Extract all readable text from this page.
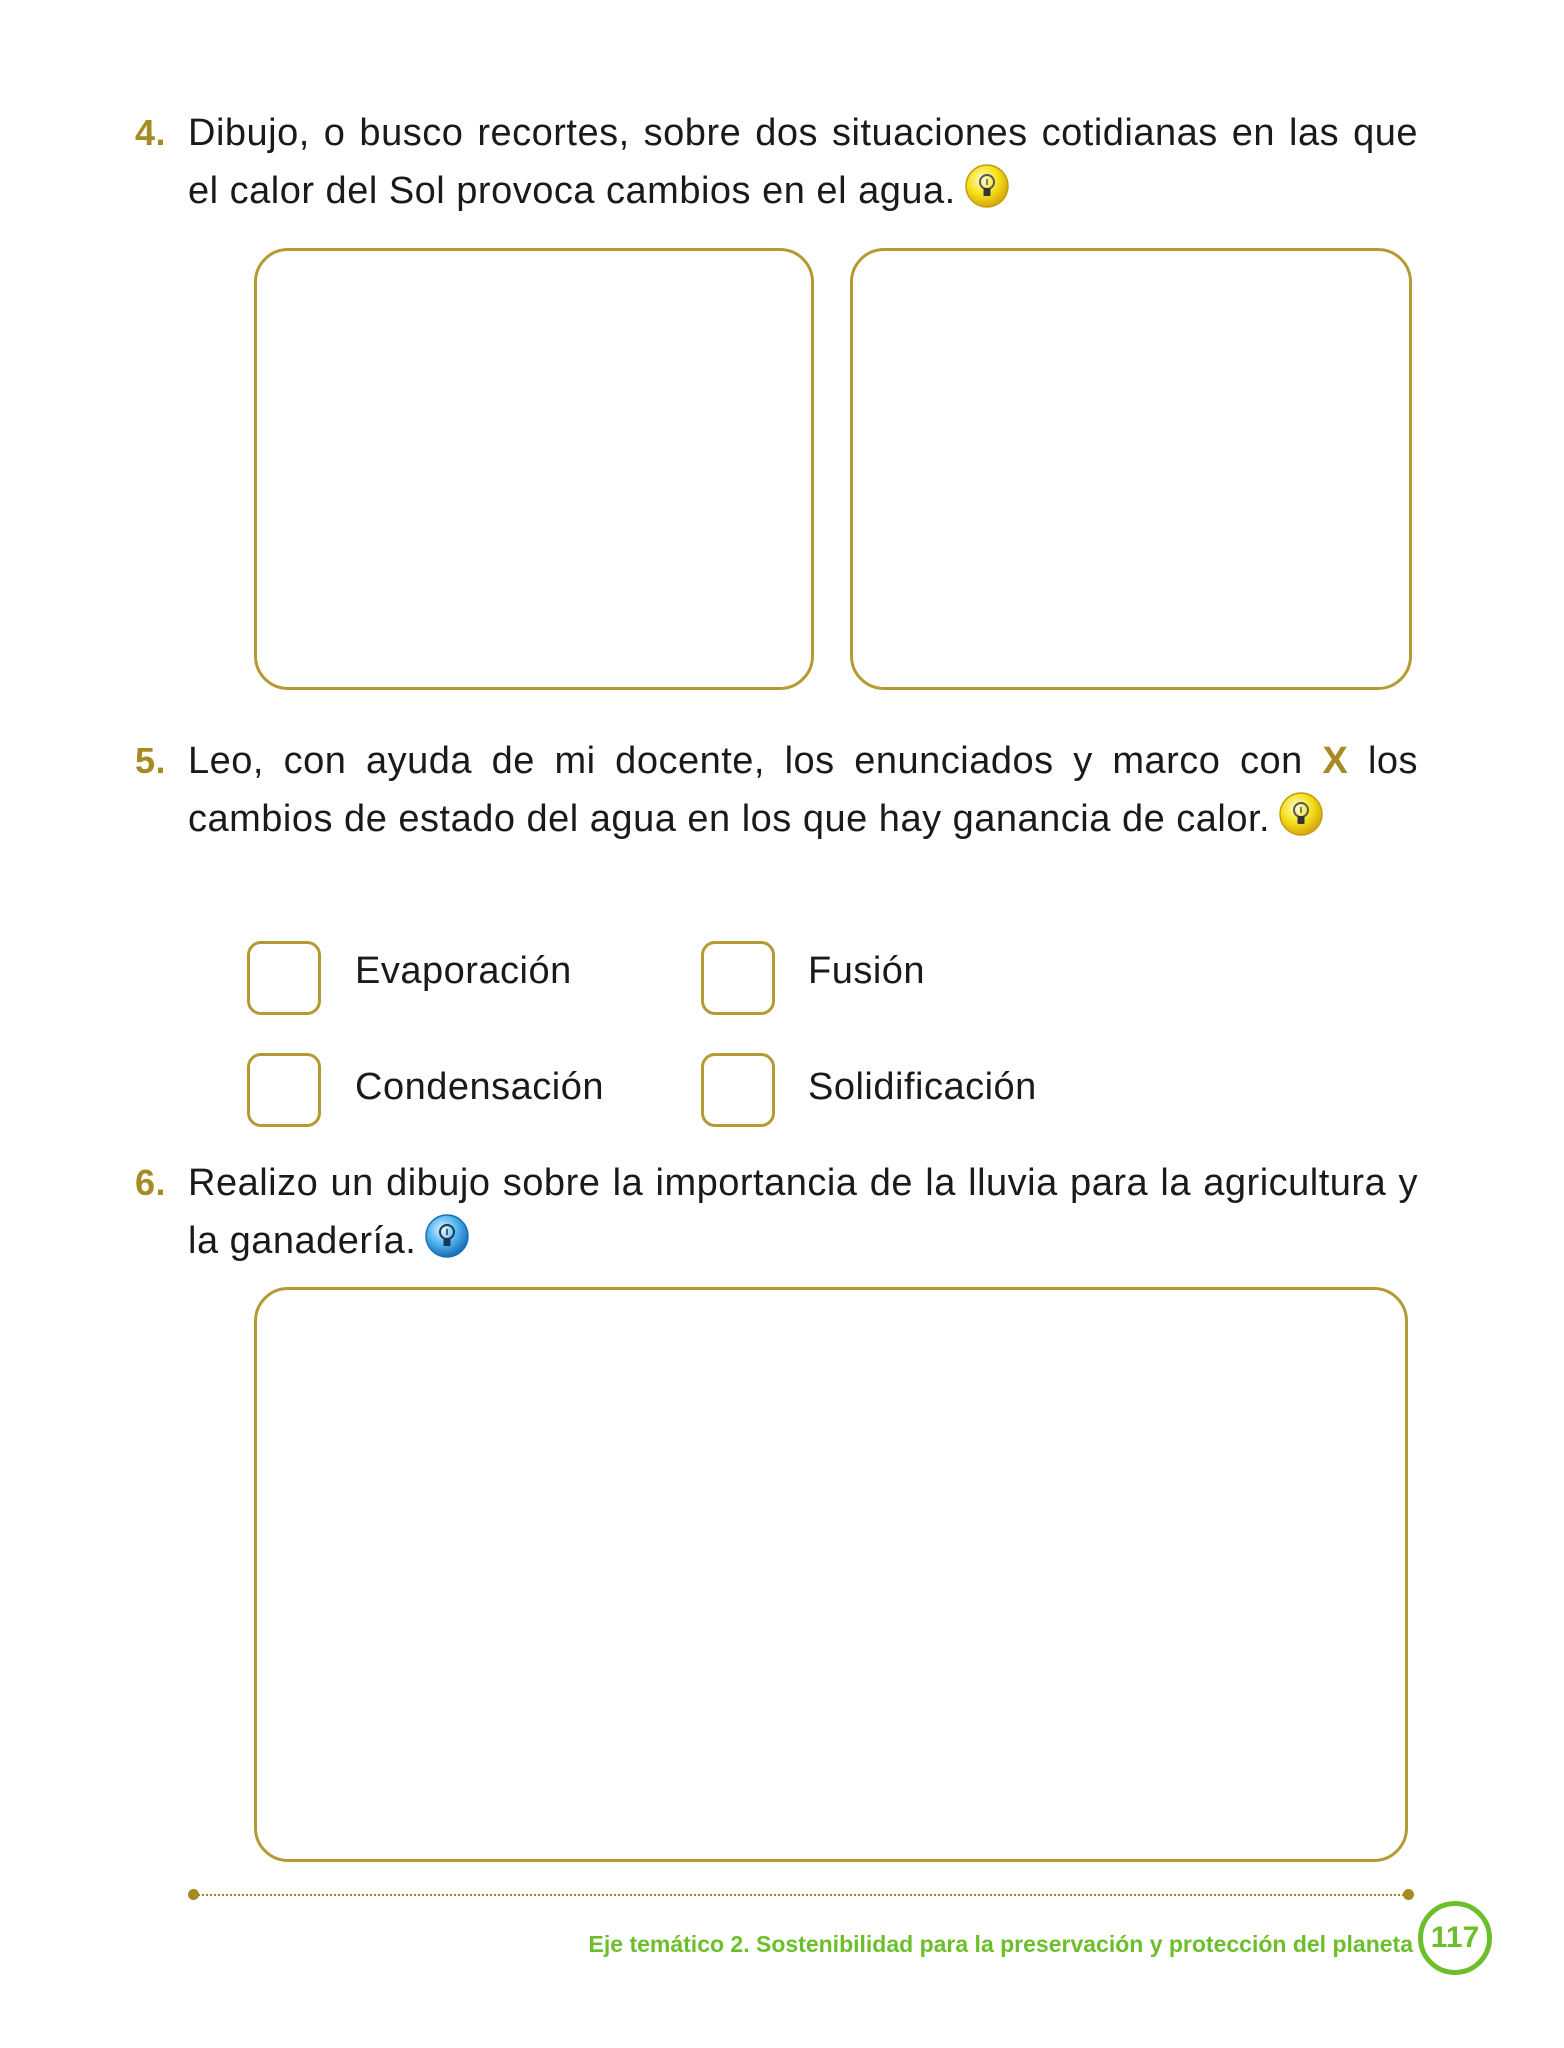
4. Dibujo, o busco recortes, sobre dos situaciones cotidianas en las que el calor del Sol provoca cambios en el agua.
5. Leo, con ayuda de mi docente, los enunciados y marco con X los cambios de estado del agua en los que hay ganancia de calor.
Evaporación	Fusión
Condensación	Solidificación
6. Realizo un dibujo sobre la importancia de la lluvia para la agricultura y la ganadería.
Eje temático 2. Sostenibilidad para la preservación y protección del planeta 117
